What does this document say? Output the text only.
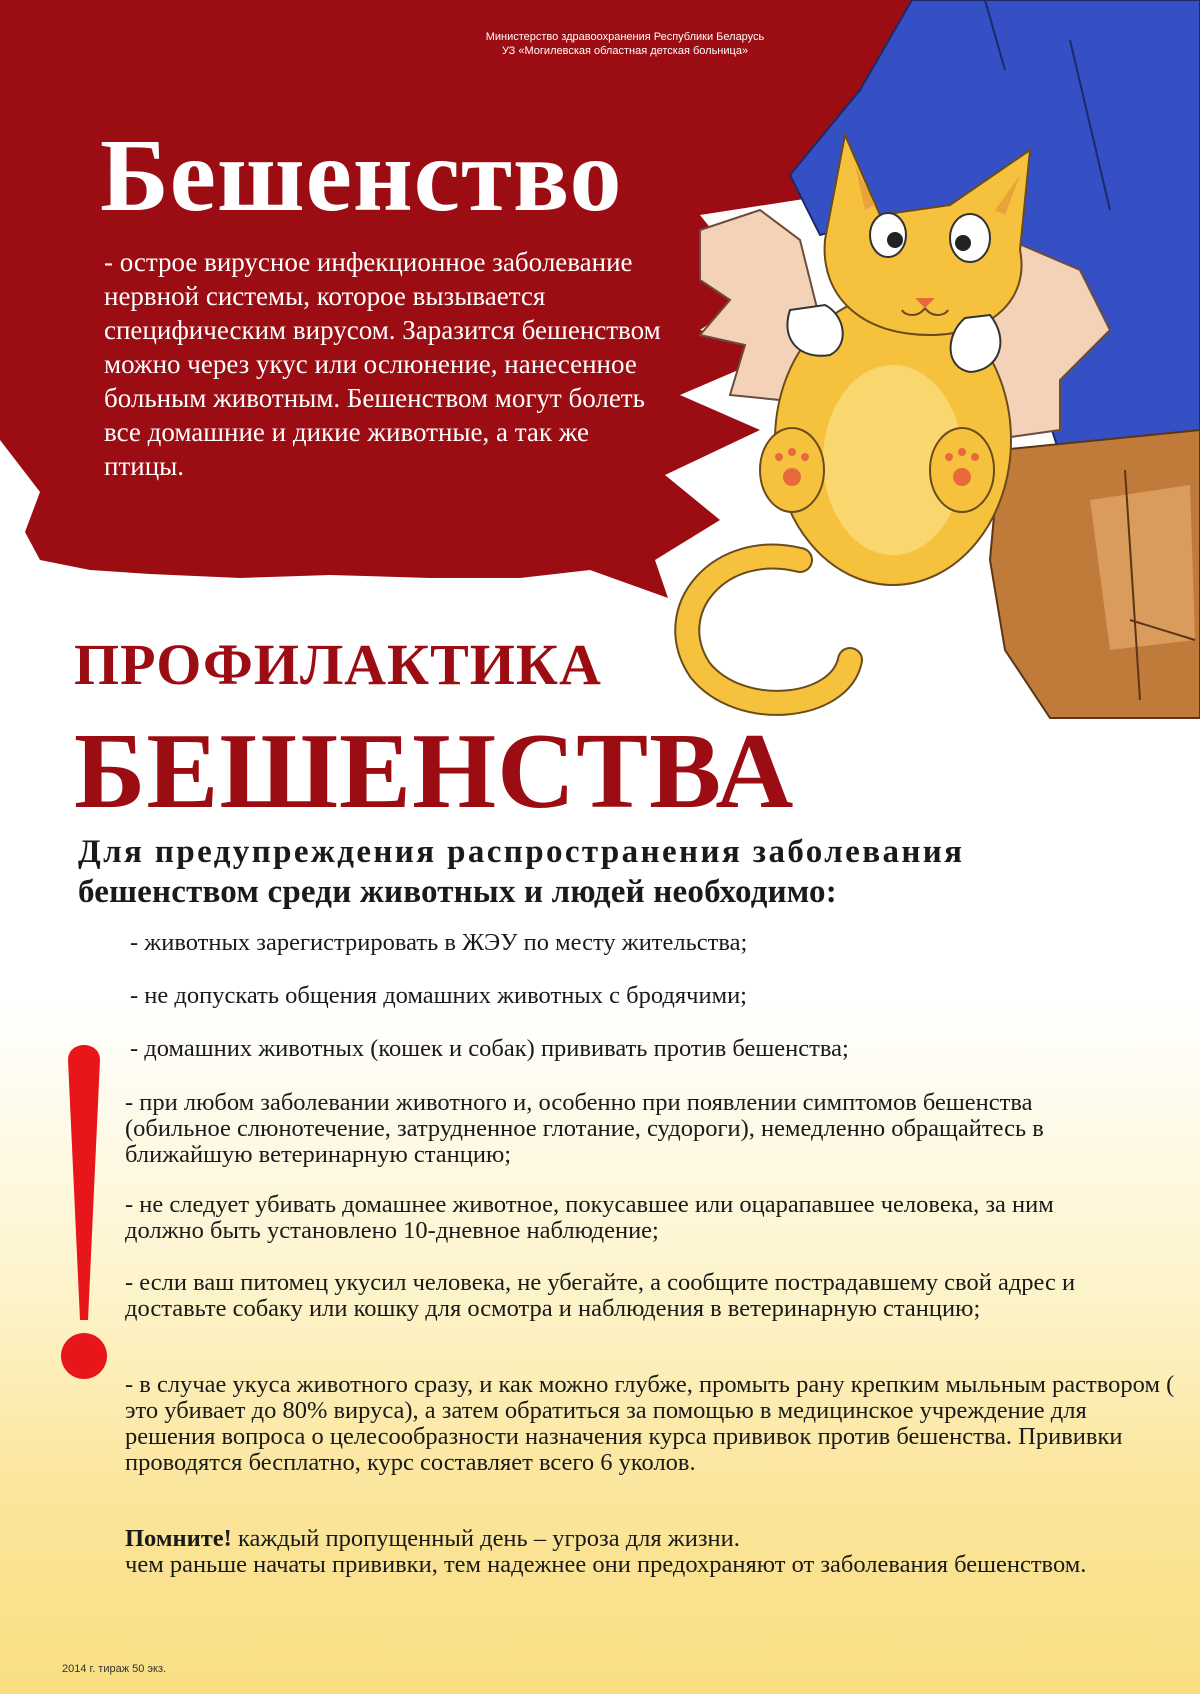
Министерство здравоохранения Республики Беларусь
УЗ «Могилевская областная детская больница»
Бешенство
- острое вирусное инфекционное заболевание нервной системы, которое вызывается специфическим вирусом. Заразится бешенством можно через укус или ослюнение, нанесенное больным животным. Бешенством могут болеть все домашние и дикие животные, а так же птицы.
ПРОФИЛАКТИКА
БЕШЕНСТВА
Для предупреждения распространения заболевания
бешенством среди животных и людей необходимо:
- животных зарегистрировать в ЖЭУ по месту жительства;
- не допускать общения домашних животных с бродячими;
- домашних животных (кошек и собак) прививать против бешенства;
- при любом заболевании животного и, особенно при появлении симптомов бешенства (обильное слюнотечение, затрудненное глотание, судороги), немедленно обращайтесь в ближайшую ветеринарную станцию;
- не следует убивать домашнее животное, покусавшее или оцарапавшее человека, за ним должно быть установлено 10-дневное наблюдение;
- если ваш питомец укусил человека, не убегайте, а сообщите пострадавшему свой адрес и доставьте собаку или кошку для осмотра и наблюдения в ветеринарную станцию;
- в случае укуса животного сразу, и как можно глубже, промыть рану крепким мыльным раствором ( это убивает до 80% вируса), а затем обратиться за помощью в медицинское учреждение для решения вопроса о целесообразности назначения курса прививок против бешенства. Прививки проводятся бесплатно, курс составляет всего 6 уколов.
Помните! каждый пропущенный день – угроза для жизни.
чем раньше начаты прививки, тем надежнее они предохраняют от заболевания бешенством.
2014 г. тираж 50 экз.
